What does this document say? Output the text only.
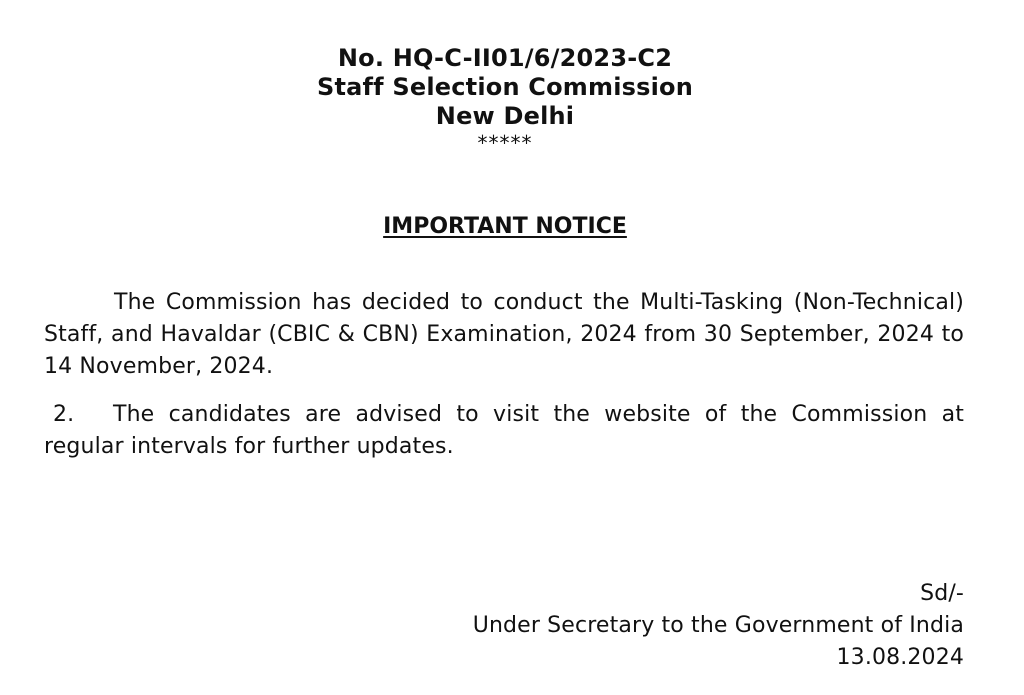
No. HQ-C-II01/6/2023-C2
Staff Selection Commission
New Delhi
*****
IMPORTANT NOTICE
The Commission has decided to conduct the Multi-Tasking (Non-Technical) Staff, and Havaldar (CBIC & CBN) Examination, 2024 from 30 September, 2024 to 14 November, 2024.
2. The candidates are advised to visit the website of the Commission at regular intervals for further updates.
Sd/-
Under Secretary to the Government of India
13.08.2024
